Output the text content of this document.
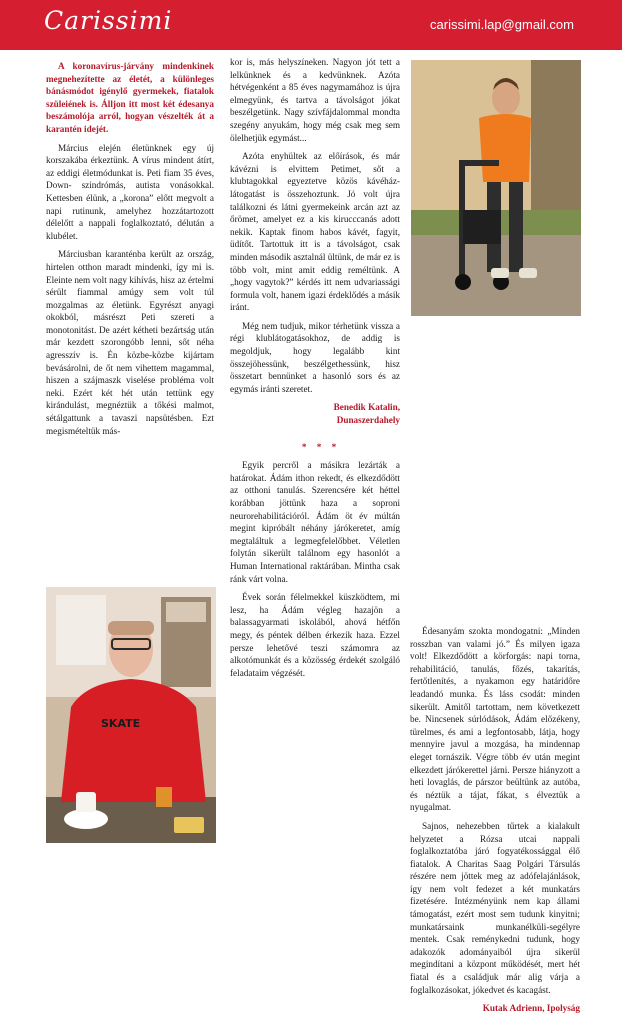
Carissimi	carissimi.lap@gmail.com

A koronavírus-járvány mindenkinek megnehezítette az életét, a különleges bánásmódot igénylő gyermekek, fiatalok szüleiének is. Álljon itt most két édesanya beszámolója arról, hogyan vészelték át a karantén idejét.

Március elején életünknek egy új korszakába érkeztünk. A vírus mindent átírt, az eddigi életmódunkat is. Peti fiam 35 éves, Down- szindrómás, autista vonásokkal. Kettesben élünk, a „korona” előtt megvolt a napi rutinunk, amelyhez hozzátartozott délelőtt a nappali foglalkoztató, délután a klubélet.

Márciusban karanténba került az ország, hirtelen otthon maradt mindenki, így mi is. Eleinte nem volt nagy kihívás, hisz az értelmi sérült fiammal amúgy sem volt túl mozgalmas az életünk. Egyrészt anyagi okokból, másrészt Peti szereti a monotonitást. De azért kétheti bezártság után már kezdett szorongóbb lenni, sőt néha agresszív is. Én közbe-közbe kijártam bevásárolni, de őt nem vihettem magammal, hiszen a szájmaszk viselése probléma volt neki. Ezért két hét után tettünk egy kirándulást, megnéztük a tőkési malmot, sétálgattunk a tavaszi napsütésben. Ezt megismételtük más-

SKATE

kor is, más helyszíneken. Nagyon jót tett a lelkünknek és a kedvünknek. Azóta hétvégenként a 85 éves nagymamához is újra elmegyünk, és tartva a távolságot jókat beszélgetünk. Nagy szívfájdalommal mondta szegény anyukám, hogy még csak meg sem ölelhetjük egymást...

Azóta enyhültek az előírások, és már kávézni is elvittem Petimet, sőt a klubtagokkal egyeztetve közös kávéház-látogatást is összehoztunk. Jó volt újra találkozni és látni gyermekeink arcán azt az őrömet, amelyet ez a kis kirucccanás adott nekik. Kaptak finom habos kávét, fagyit, üdítőt. Tartottuk itt is a távolságot, csak minden második asztalnál ültünk, de már ez is több volt, mint amit eddig reméltünk. A „hogy vagytok?” kérdés itt nem udvariassági formula volt, hanem igazi érdeklődés a másik iránt.

Még nem tudjuk, mikor térhetünk vissza a régi klublátogatásokhoz, de addig is megoldjuk, hogy legalább kint összejöhessünk, beszélgethessünk, hisz összetart bennünket a hasonló sors és az egymás iránti szeretet.

Benedik Katalin,

Dunaszerdahely

* * *

Egyik percről a másikra lezárták a határokat. Ádám ithon rekedt, és elkezdődött az otthoni tanulás. Szerencsére két héttel korábban jöttünk haza a soproni neurorehabilitációról. Ádám öt év múltán megint kipróbált néhány járókeretet, amíg megtaláltuk a legmegfelelőbbet. Véletlen folytán sikerült találnom egy hasonlót a Human International raktárában. Mintha csak ránk várt volna.

Évek során félelmekkel küszködtem, mi lesz, ha Ádám végleg hazajön a balassagyarmati iskolából, ahová hétfőn megy, és péntek délben érkezik haza. Ezzel persze lehetővé teszi számomra az alkotómunkát és a közösség érdekét szolgáló feladataim végzését.

Édesanyám szokta mondogatni: „Minden rosszban van valami jó.” És milyen igaza volt! Elkezdődött a körforgás: napi torna, rehabilitáció, tanulás, főzés, takarítás, fertőtlenítés, a nyakamon egy határidőre leadandó munka. És láss csodát: minden sikerült. Amitől tartottam, nem következett be. Nincsenek súrlódások, Ádám előzékeny, türelmes, és ami a legfontosabb, látja, hogy mennyire javul a mozgása, ha mindennap eleget tornászik. Végre több év után megint elkezdett járókerettel járni. Persze hiányzott a heti lovaglás, de párszor beültünk az autóba, és néztük a tájat, fákat, s élveztük a nyugalmat.

Sajnos, nehezebben tűrtek a kialakult helyzetet a Rózsa utcai nappali foglalkoztatóba járó fogyatékossággal élő fiatalok. A Charitas Saag Polgári Társulás részére nem jöttek meg az adófelajánlások, így nem volt fedezet a két munkatárs fizetésére. Intézményünk nem kap állami támogatást, ezért most sem tudunk kinyitni; munkatársaink munkanélküli-segélyre mentek. Csak reménykedni tudunk, hogy adakozók adományaiból újra sikerül megindítani a központ működését, mert hét fiatal és a családjuk már alig várja a foglalkozásokat, jókedvet és kacagást.

Kutak Adrienn, Ipolyság
